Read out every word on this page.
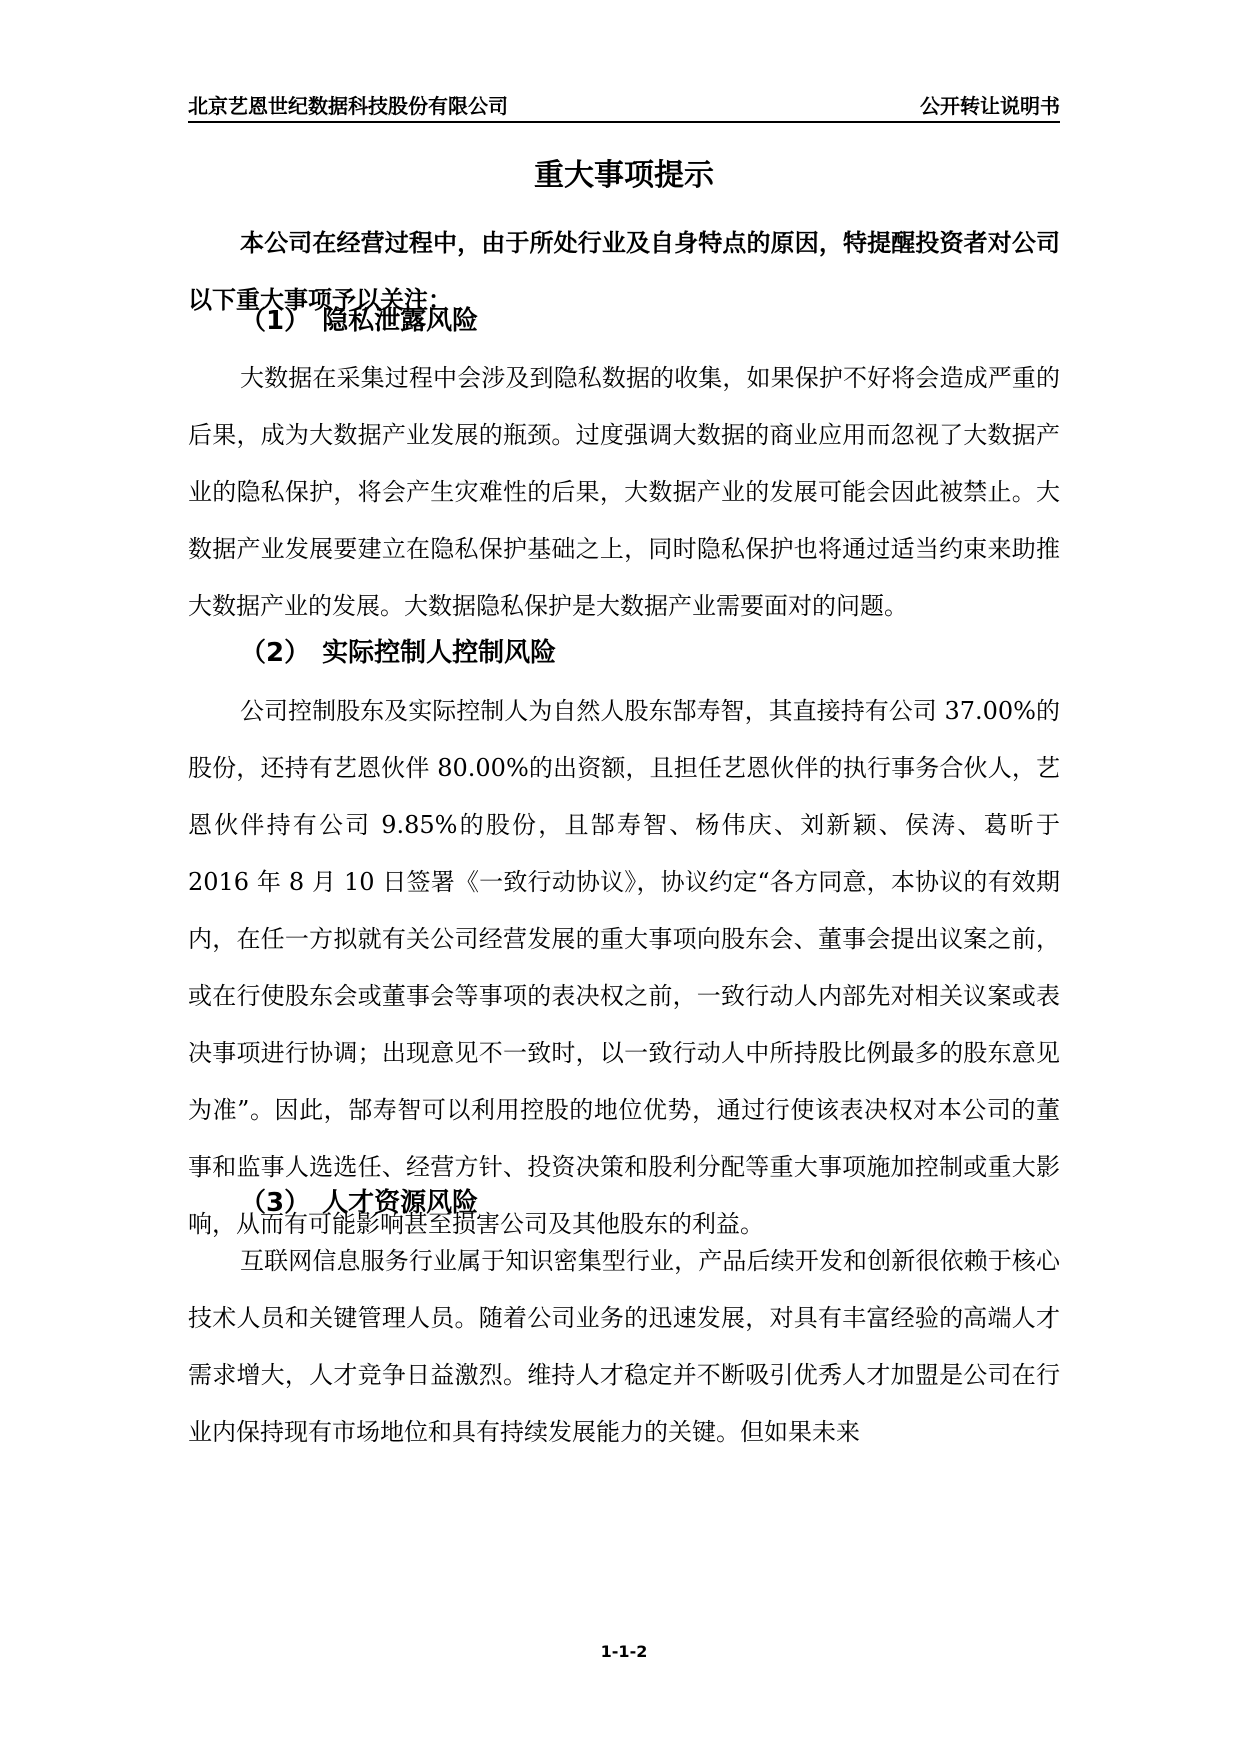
北京艺恩世纪数据科技股份有限公司	公开转让说明书
重大事项提示
本公司在经营过程中，由于所处行业及自身特点的原因，特提醒投资者对公司以下重大事项予以关注：
（1） 隐私泄露风险
大数据在采集过程中会涉及到隐私数据的收集，如果保护不好将会造成严重的后果，成为大数据产业发展的瓶颈。过度强调大数据的商业应用而忽视了大数据产业的隐私保护，将会产生灾难性的后果，大数据产业的发展可能会因此被禁止。大数据产业发展要建立在隐私保护基础之上，同时隐私保护也将通过适当约束来助推大数据产业的发展。大数据隐私保护是大数据产业需要面对的问题。
（2） 实际控制人控制风险
公司控制股东及实际控制人为自然人股东郜寿智，其直接持有公司 37.00%的股份，还持有艺恩伙伴 80.00%的出资额，且担任艺恩伙伴的执行事务合伙人，艺恩伙伴持有公司 9.85%的股份，且郜寿智、杨伟庆、刘新颖、侯涛、葛昕于 2016 年 8 月 10 日签署《一致行动协议》，协议约定“各方同意，本协议的有效期内，在任一方拟就有关公司经营发展的重大事项向股东会、董事会提出议案之前，或在行使股东会或董事会等事项的表决权之前，一致行动人内部先对相关议案或表决事项进行协调；出现意见不一致时，以一致行动人中所持股比例最多的股东意见为准”。因此，郜寿智可以利用控股的地位优势，通过行使该表决权对本公司的董事和监事人选选任、经营方针、投资决策和股利分配等重大事项施加控制或重大影响，从而有可能影响甚至损害公司及其他股东的利益。
（3） 人才资源风险
互联网信息服务行业属于知识密集型行业，产品后续开发和创新很依赖于核心技术人员和关键管理人员。随着公司业务的迅速发展，对具有丰富经验的高端人才需求增大，人才竞争日益激烈。维持人才稳定并不断吸引优秀人才加盟是公司在行业内保持现有市场地位和具有持续发展能力的关键。但如果未来
1-1-2
